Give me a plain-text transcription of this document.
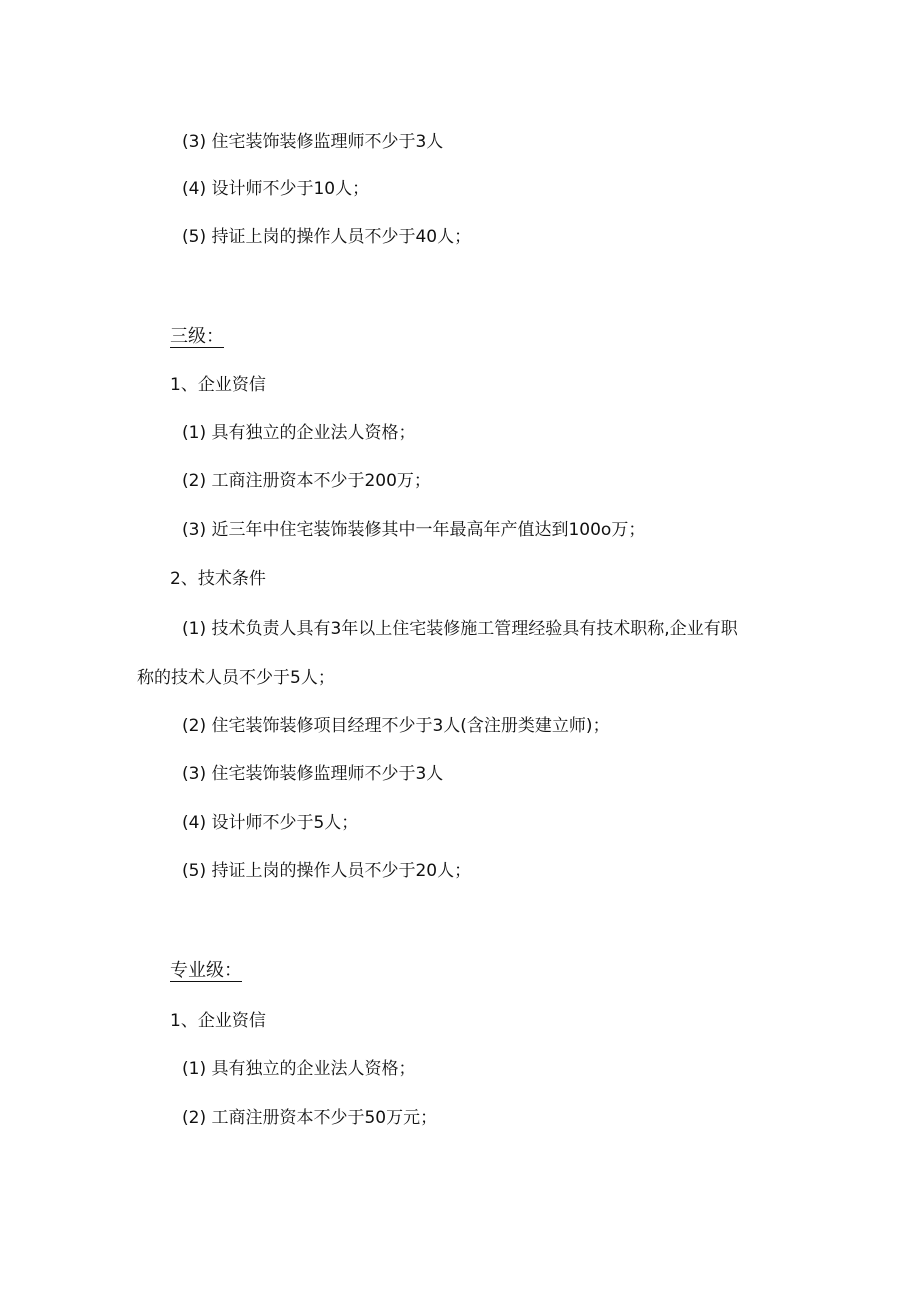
(3) 住宅装饰装修监理师不少于3人
(4) 设计师不少于10人；
(5) 持证上岗的操作人员不少于40人；
三级：
1、企业资信
(1) 具有独立的企业法人资格；
(2) 工商注册资本不少于200万；
(3) 近三年中住宅装饰装修其中一年最高年产值达到100o万；
2、技术条件
(1) 技术负责人具有3年以上住宅装修施工管理经验具有技术职称,企业有职
称的技术人员不少于5人；
(2) 住宅装饰装修项目经理不少于3人(含注册类建立师)；
(3) 住宅装饰装修监理师不少于3人
(4) 设计师不少于5人；
(5) 持证上岗的操作人员不少于20人；
专业级：
1、企业资信
(1) 具有独立的企业法人资格；
(2) 工商注册资本不少于50万元；
